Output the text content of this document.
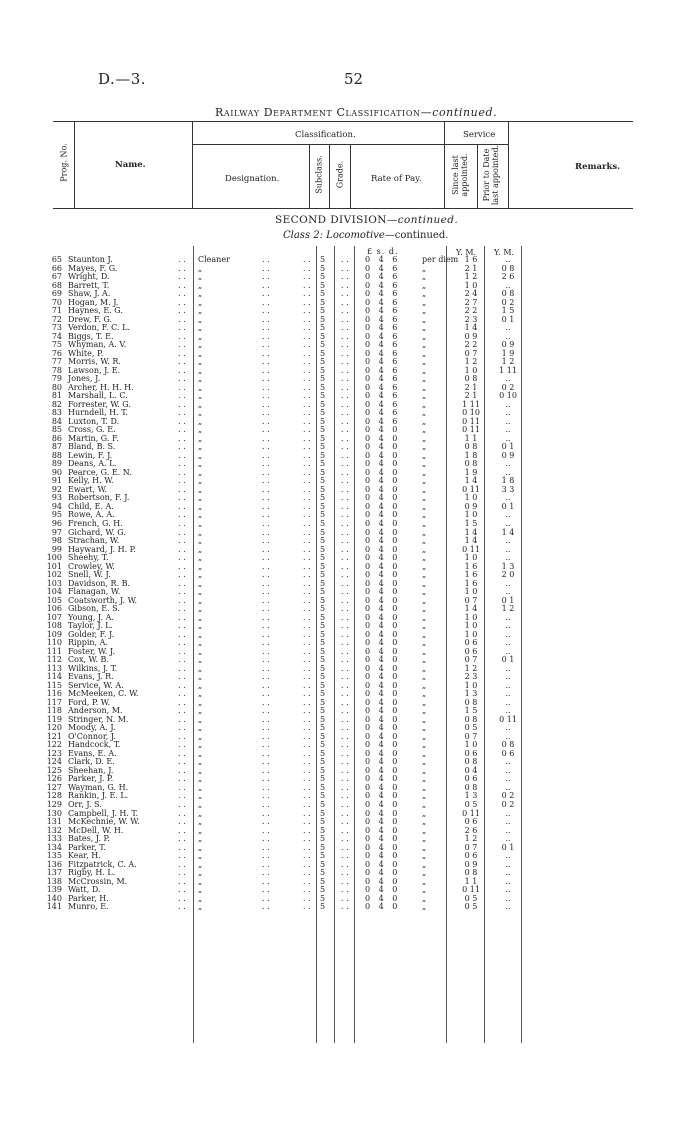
D.—3.	52
Railway Department Classification—continued.
Prog. No.	Name.
Classification.	Service
Designation.	Subclass. Grade.	Rate of Pay.	Since last appointed. Prior to Date last appointed.	Remarks.
SECOND DIVISION—continued.
Class 2: Locomotive—continued.
£ s. d.	Y. M. Y. M.
65 Staunton J.	Cleaner	5	0 4 6	per diem 1 6	..
. .	. .	. .	. .
66 Mayes, F. G.	„	5	0 4 6	„	2 1	0 8
. .	. .	. .	. .
67 Wright, D.	„	5	0 4 6	„	1 2	2 6
. .	. .	. .	. .
68 Barrett, T.	„	5	0 4 6	„	1 0	..
. .	. .	. .	. .
69 Shaw, J. A.	„	5	0 4 6	„	2 4	0 8
. .	. .	. .	. .
70 Hogan, M. J.	„	5	0 4 6	„	2 7	0 2
. .	. .	. .	. .
71 Haynes, E. G.	„	5	0 4 6	„	2 2	1 5
. .	. .	. .	. .
72 Drew, F. G.	„	5	0 4 6	„	2 3	0 1
. .	. .	. .	. .
73 Verdon, F. C. L.	„	5	0 4 6	„	1 4	..
. .	. .	. .	. .
74 Biggs, T. E.	„	5	0 4 6	„	0 9	..
. .	. .	. .	. .
75 Whyman, A. V.	„	5	0 4 6	„	2 2	0 9
. .	. .	. .	. .
76 White, P.	„	5	0 4 6	„	0 7	1 9
. .	. .	. .	. .
77 Morris, W. R.	„	5	0 4 6	„	1 2	1 2
. .	. .	. .	. .
78 Lawson, J. E.	„	5	0 4 6	„	1 0	1 11
. .	. .	. .	. .
79 Jones, J.	„	5	0 4 6	„	0 8	..
. .	. .	. .	. .
80 Archer, H. H. H.	„	5	0 4 6	„	2 1	0 2
. .	. .	. .	. .
81 Marshall, L. C.	„	5	0 4 6	„	2 1	0 10
. .	. .	. .	. .
82 Forrester, W. G.	„	5	0 4 6	„	1 11	..
. .	. .	. .	. .
83 Hurndell, H. T.	„	5	0 4 6	„	0 10	..
. .	. .	. .	. .
84 Luxton, T. D.	„	5	0 4 6	„	0 11	..
. .	. .	. .	. .
85 Cross, G. E.	„	5	0 4 0	„	0 11	..
. .	. .	. .	. .
86 Martin, G. F.	„	5	0 4 0	„	1 1	..
. .	. .	. .	. .
87 Bland, B. S.	„	5	0 4 0	„	0 8	0 1
. .	. .	. .	. .
88 Lewin, F. J.	„	5	0 4 0	„	1 8	0 9
. .	. .	. .	. .
89 Deans, A. L.	„	5	0 4 0	„	0 8	..
. .	. .	. .	. .
90 Pearce, G. E. N.	„	5	0 4 0	„	1 9	..
. .	. .	. .	. .
91 Kelly, H. W.	„	5	0 4 0	„	1 4	1 8
. .	. .	. .	. .
92 Ewart, W.	„	5	0 4 0	„	0 11	3 3
. .	. .	. .	. .
93 Robertson, F. J.	„	5	0 4 0	„	1 0	..
. .	. .	. .	. .
94 Child, E. A.	„	5	0 4 0	„	0 9	0 1
. .	. .	. .	. .
95 Rowe, A. A.	„	5	0 4 0	„	1 0	..
. .	. .	. .	. .
96 French, G. H.	„	5	0 4 0	„	1 5	..
. .	. .	. .	. .
97 Gichard, W. G.	„	5	0 4 0	„	1 4	1 4
. .	. .	. .	. .
98 Strachan, W.	„	5	0 4 0	„	1 4	..
. .	. .	. .	. .
99 Hayward, J. H. P.	„	5	0 4 0	„	0 11	..
. .	. .	. .	. .
100 Sheehy, T.	„	5	0 4 0	„	1 0	..
. .	. .	. .	. .
101 Crowley, W.	„	5	0 4 0	„	1 6	1 3
. .	. .	. .	. .
102 Snell, W. J.	„	5	0 4 0	„	1 6	2 0
. .	. .	. .	. .
103 Davidson, R. B.	„	5	0 4 0	„	1 6	..
. .	. .	. .	. .
104 Flanagan, W.	„	5	0 4 0	„	1 0	..
. .	. .	. .	. .
105 Coatsworth, J. W.	„	5	0 4 0	„	0 7	0 1
. .	. .	. .	. .
106 Gibson, E. S.	„	5	0 4 0	„	1 4	1 2
. .	. .	. .	. .
107 Young, J. A.	„	5	0 4 0	„	1 0	..
. .	. .	. .	. .
108 Taylor, J. L.	„	5	0 4 0	„	1 0	..
. .	. .	. .	. .
109 Golder, F. J.	„	5	0 4 0	„	1 0	..
. .	. .	. .	. .
110 Rippin, A.	„	5	0 4 0	„	0 6	..
. .	. .	. .	. .
111 Foster, W. J.	„	5	0 4 0	„	0 6	..
. .	. .	. .	. .
112 Cox, W. B.	„	5	0 4 0	„	0 7	0 1
. .	. .	. .	. .
113 Wilkins, J. T.	„	5	0 4 0	„	1 2	..
. .	. .	. .	. .
114 Evans, J. R.	„	5	0 4 0	„	2 3	..
. .	. .	. .	. .
115 Service, W. A.	„	5	0 4 0	„	1 0	..
. .	. .	. .	. .
116 McMeeken, C. W.	„	5	0 4 0	„	1 3	..
. .	. .	. .	. .
117 Ford, P. W.	„	5	0 4 0	„	0 8	..
. .	. .	. .	. .
118 Anderson, M.	„	5	0 4 0	„	1 5	..
. .	. .	. .	. .
119 Stringer, N. M.	„	5	0 4 0	„	0 8	0 11
. .	. .	. .	. .
120 Moody, A. J.	„	5	0 4 0	„	0 5	..
. .	. .	. .	. .
121 O'Connor, J.	„	5	0 4 0	„	0 7	..
. .	. .	. .	. .
122 Handcock, T.	„	5	0 4 0	„	1 0	0 8
. .	. .	. .	. .
123 Evans, E. A.	„	5	0 4 0	„	0 6	0 6
. .	. .	. .	. .
124 Clark, D. E.	„	5	0 4 0	„	0 8	..
. .	. .	. .	. .
125 Sheehan, J.	„	5	0 4 0	„	0 4	..
. .	. .	. .	. .
126 Parker, J. P.	„	5	0 4 0	„	0 6	..
. .	. .	. .	. .
127 Wayman, G. H.	„	5	0 4 0	„	0 8	..
. .	. .	. .	. .
128 Rankin, J. E. L.	„	5	0 4 0	„	1 3	0 2
. .	. .	. .	. .
129 Orr, J. S.	„	5	0 4 0	„	0 5	0 2
. .	. .	. .	. .
130 Campbell, J. H. T.	„	5	0 4 0	„	0 11	..
. .	. .	. .	. .
131 McKechnie, W. W.	„	5	0 4 0	„	0 6	..
. .	. .	. .	. .
132 McDell, W. H.	„	5	0 4 0	„	2 6	..
. .	. .	. .	. .
133 Bates, J. P.	„	5	0 4 0	„	1 2	..
. .	. .	. .	. .
134 Parker, T.	„	5	0 4 0	„	0 7	0 1
. .	. .	. .	. .
135 Kear, H.	„	5	0 4 0	„	0 6	..
. .	. .	. .	. .
136 Fitzpatrick, C. A.	„	5	0 4 0	„	0 9	..
. .	. .	. .	. .
137 Rigby, H. L.	„	5	0 4 0	„	0 8	..
. .	. .	. .	. .
138 McCrossin, M.	„	5	0 4 0	„	1 1	..
. .	. .	. .	. .
139 Watt, D.	„	5	0 4 0	„	0 11	..
. .	. .	. .	. .
140 Parker, H.	„	5	0 4 0	„	0 5	..
. .	. .	. .	. .
141 Munro, E.	„	5	0 4 0	„	0 5	..
. .	. .	. .	. .
